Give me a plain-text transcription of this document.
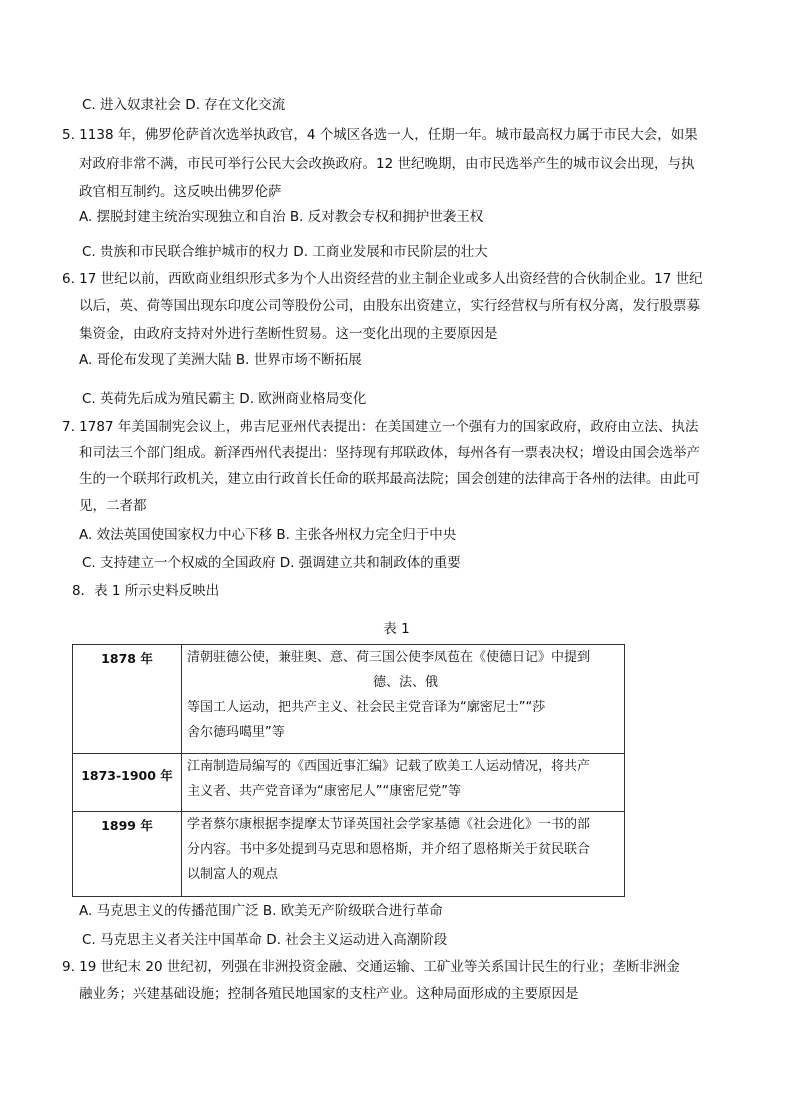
C. 进入奴隶社会 D. 存在文化交流
5. 1138 年，佛罗伦萨首次选举执政官，4 个城区各选一人，任期一年。城市最高权力属于市民大会，如果
对政府非常不满，市民可举行公民大会改换政府。12 世纪晚期，由市民选举产生的城市议会出现，与执
政官相互制约。这反映出佛罗伦萨
A. 摆脱封建主统治实现独立和自治 B. 反对教会专权和拥护世袭王权
C. 贵族和市民联合维护城市的权力 D. 工商业发展和市民阶层的壮大
6. 17 世纪以前，西欧商业组织形式多为个人出资经营的业主制企业或多人出资经营的合伙制企业。17 世纪
以后，英、荷等国出现东印度公司等股份公司，由股东出资建立，实行经营权与所有权分离，发行股票募
集资金，由政府支持对外进行垄断性贸易。这一变化出现的主要原因是
A. 哥伦布发现了美洲大陆 B. 世界市场不断拓展
C. 英荷先后成为殖民霸主 D. 欧洲商业格局变化
7. 1787 年美国制宪会议上，弗吉尼亚州代表提出：在美国建立一个强有力的国家政府，政府由立法、执法
和司法三个部门组成。新泽西州代表提出：坚持现有邦联政体，每州各有一票表决权；增设由国会选举产
生的一个联邦行政机关，建立由行政首长任命的联邦最高法院；国会创建的法律高于各州的法律。由此可
见，二者都
A. 效法英国使国家权力中心下移 B. 主张各州权力完全归于中央
C. 支持建立一个权威的全国政府 D. 强调建立共和制政体的重要
8．表 1 所示史料反映出
表 1
1878 年	清朝驻德公使，兼驻奥、意、荷三国公使李凤苞在《使德日记》中提到
德、法、俄
等国工人运动，把共产主义、社会民主党音译为“廓密尼士”“莎
舍尔德玛噶里”等

1873-1900 年	江南制造局编写的《西国近事汇编》记载了欧美工人运动情况，将共产
主义者、共产党音译为“康密尼人”“康密尼党”等

1899 年	学者蔡尔康根据李提摩太节译英国社会学家基德《社会进化》一书的部
分内容。书中多处提到马克思和恩格斯，并介绍了恩格斯关于贫民联合
以制富人的观点
A. 马克思主义的传播范围广泛 B. 欧美无产阶级联合进行革命
C. 马克思主义者关注中国革命 D. 社会主义运动进入高潮阶段
9. 19 世纪末 20 世纪初，列强在非洲投资金融、交通运输、工矿业等关系国计民生的行业；垄断非洲金
融业务；兴建基础设施；控制各殖民地国家的支柱产业。这种局面形成的主要原因是
